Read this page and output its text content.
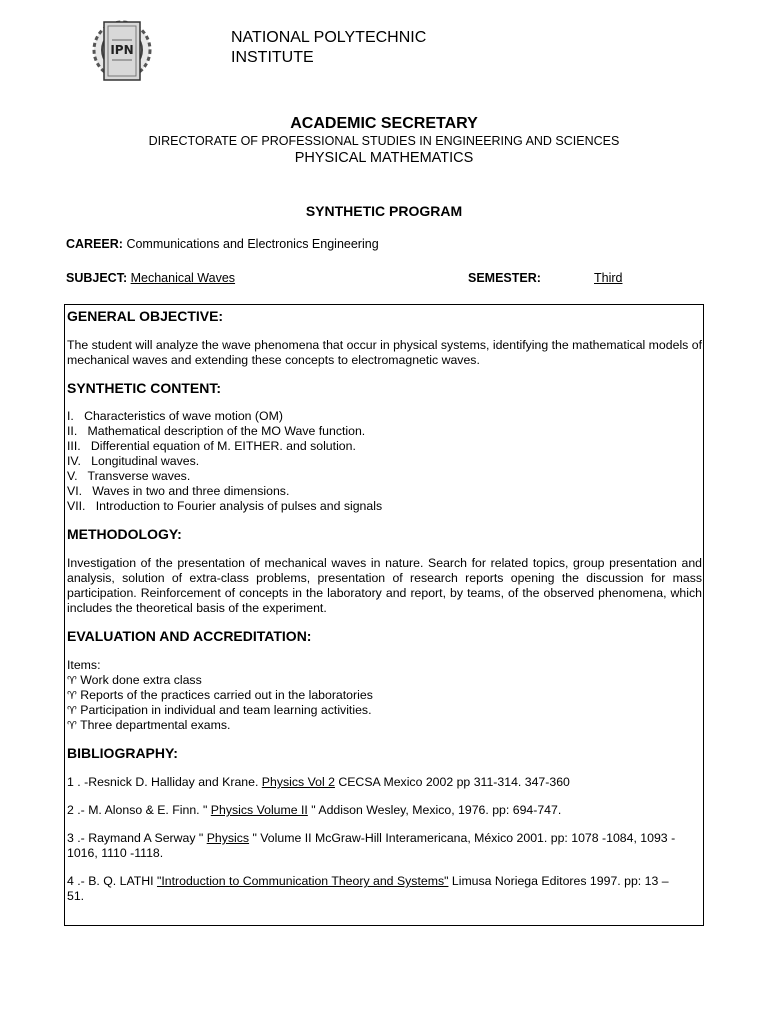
IPN
NATIONAL POLYTECHNIC
INSTITUTE
ACADEMIC SECRETARY
DIRECTORATE OF PROFESSIONAL STUDIES IN ENGINEERING AND SCIENCES
PHYSICAL MATHEMATICS
SYNTHETIC PROGRAM
CAREER: Communications and Electronics Engineering
SUBJECT: Mechanical Waves	SEMESTER:	Third
GENERAL OBJECTIVE:
The student will analyze the wave phenomena that occur in physical systems, identifying the mathematical models of mechanical waves and extending these concepts to electromagnetic waves.
SYNTHETIC CONTENT:
I.   Characteristics of wave motion (OM)
II.   Mathematical description of the MO Wave function.
III.   Differential equation of M. EITHER. and solution.
IV.   Longitudinal waves.
V.   Transverse waves.
VI.   Waves in two and three dimensions.
VII.   Introduction to Fourier analysis of pulses and signals
METHODOLOGY:
Investigation of the presentation of mechanical waves in nature. Search for related topics, group presentation and analysis, solution of extra-class problems, presentation of research reports opening the discussion for mass participation. Reinforcement of concepts in the laboratory and report, by teams, of the observed phenomena, which includes the theoretical basis of the experiment.
EVALUATION AND ACCREDITATION:
Items:
♈ Work done extra class
♈ Reports of the practices carried out in the laboratories
♈ Participation in individual and team learning activities.
♈ Three departmental exams.
BIBLIOGRAPHY:
1 . -Resnick D. Halliday and Krane. Physics Vol 2 CECSA Mexico 2002 pp 311-314. 347-360
2 .- M. Alonso & E. Finn. " Physics Volume II " Addison Wesley, Mexico, 1976. pp: 694-747.
3 .- Raymand A Serway " Physics " Volume II McGraw-Hill Interamericana, México 2001. pp: 1078 -1084, 1093 -
1016, 1110 -1118.
4 .- B. Q. LATHI "Introduction to Communication Theory and Systems" Limusa Noriega Editores 1997. pp: 13 –
51.
